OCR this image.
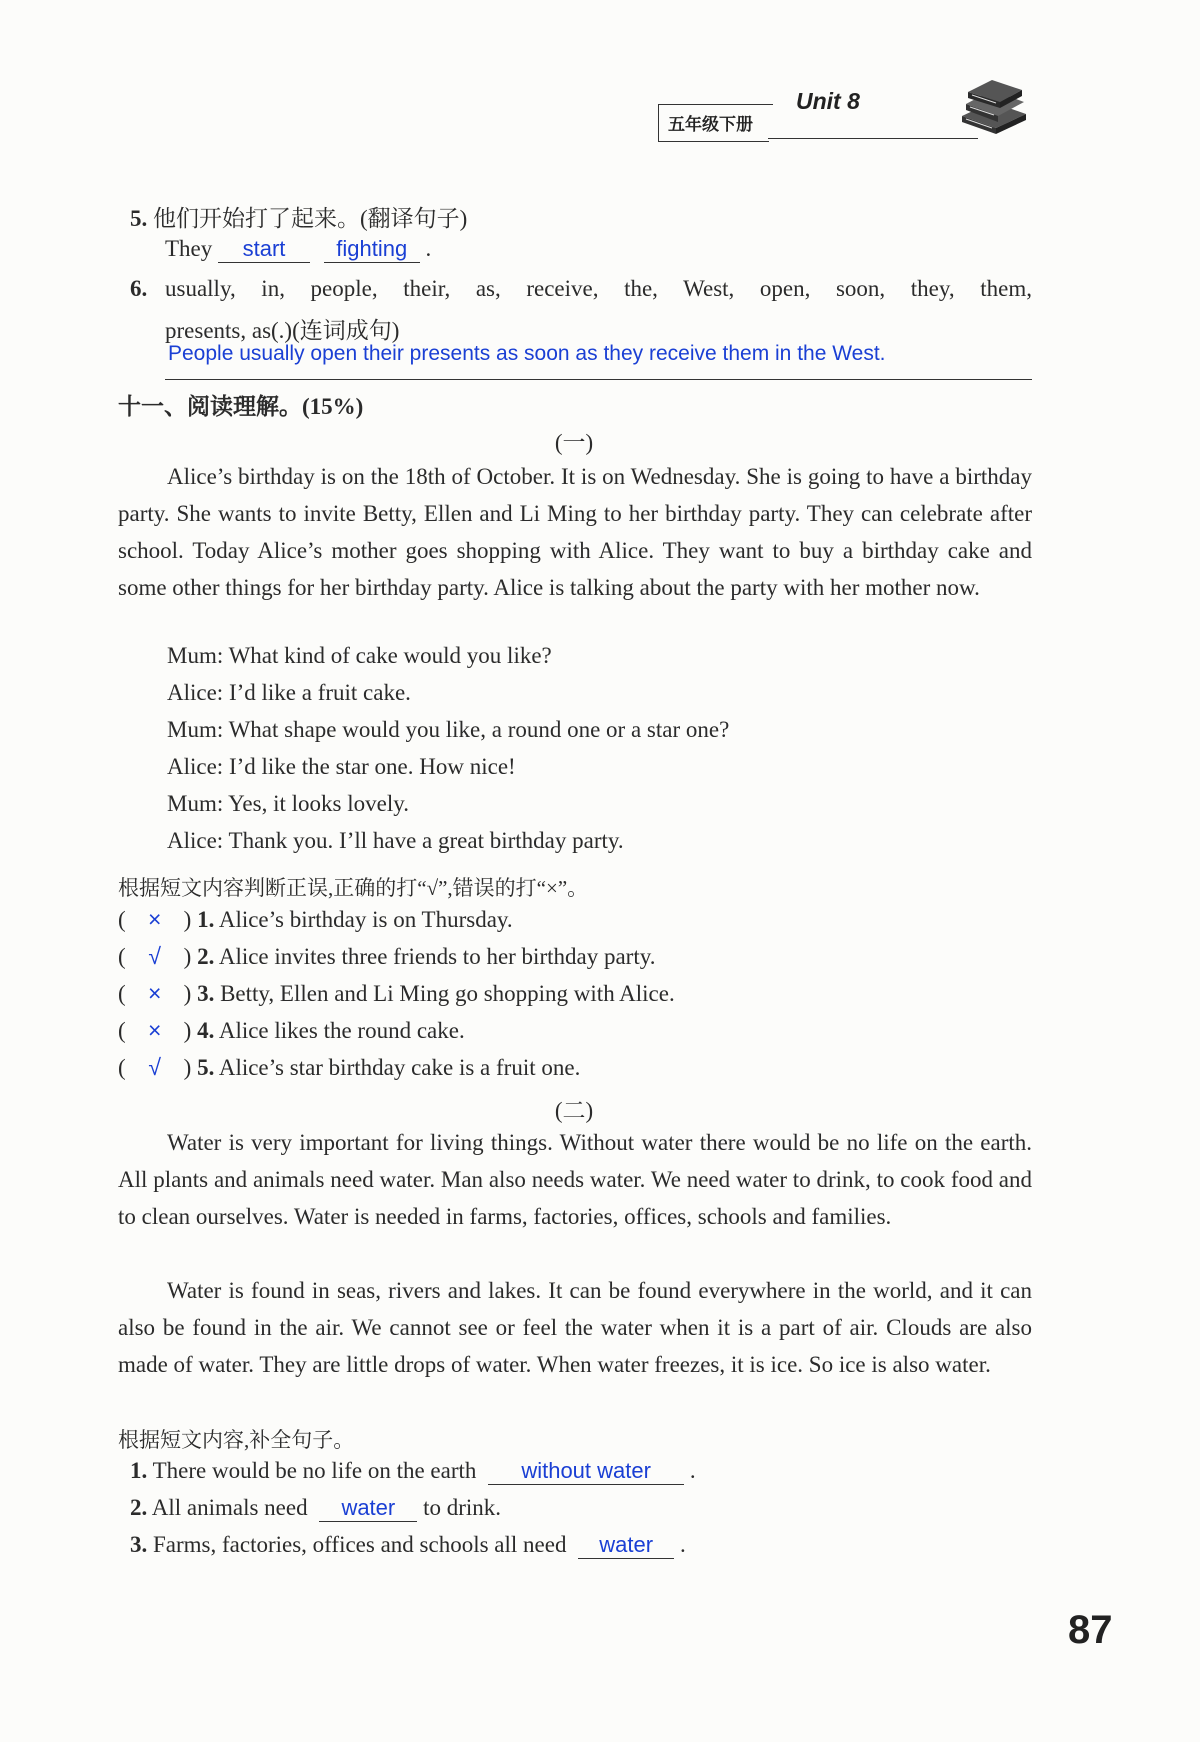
五年级下册
Unit 8
5. 他们开始打了起来。(翻译句子)
They start fighting .
6. usually, in, people, their, as, receive, the, West, open, soon, they, them,
presents, as(.)(连词成句)
People usually open their presents as soon as they receive them in the West.
十一、阅读理解。(15%)
(一)
Alice’s birthday is on the 18th of October. It is on Wednesday. She is going to have a birthday party. She wants to invite Betty, Ellen and Li Ming to her birthday party. They can celebrate after school. Today Alice’s mother goes shopping with Alice. They want to buy a birthday cake and some other things for her birthday party. Alice is talking about the party with her mother now.
Mum: What kind of cake would you like?
Alice: I’d like a fruit cake.
Mum: What shape would you like, a round one or a star one?
Alice: I’d like the star one. How nice!
Mum: Yes, it looks lovely.
Alice: Thank you. I’ll have a great birthday party.
根据短文内容判断正误,正确的打“√”,错误的打“×”。
( × ) 1. Alice’s birthday is on Thursday.
( √ ) 2. Alice invites three friends to her birthday party.
( × ) 3. Betty, Ellen and Li Ming go shopping with Alice.
( × ) 4. Alice likes the round cake.
( √ ) 5. Alice’s star birthday cake is a fruit one.
(二)
Water is very important for living things. Without water there would be no life on the earth. All plants and animals need water. Man also needs water. We need water to drink, to cook food and to clean ourselves. Water is needed in farms, factories, offices, schools and families.
Water is found in seas, rivers and lakes. It can be found everywhere in the world, and it can also be found in the air. We cannot see or feel the water when it is a part of air. Clouds are also made of water. They are little drops of water. When water freezes, it is ice. So ice is also water.
根据短文内容,补全句子。
1. There would be no life on the earth without water .
2. All animals need water to drink.
3. Farms, factories, offices and schools all need water .
87
